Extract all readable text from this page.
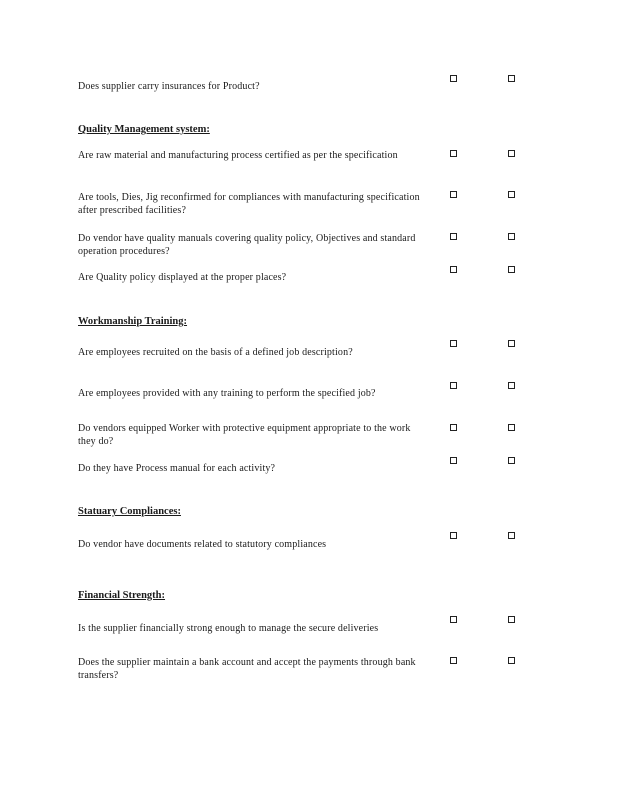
Does supplier carry insurances for Product?
Quality Management system:
Are raw material and manufacturing process certified as per the specification
Are tools, Dies, Jig reconfirmed for compliances with manufacturing specification after prescribed facilities?
Do vendor have quality manuals covering quality policy, Objectives and standard operation procedures?
Are Quality policy displayed at the proper places?
Workmanship Training:
Are employees recruited on the basis of a defined job description?
Are employees provided with any training to perform the specified job?
Do vendors equipped Worker with protective equipment appropriate to the work they do?
Do they have Process manual for each activity?
Statuary Compliances:
Do vendor have documents related to statutory compliances
Financial Strength:
Is the supplier financially strong enough to manage the secure deliveries
Does the supplier maintain a bank account and accept the payments through bank transfers?
